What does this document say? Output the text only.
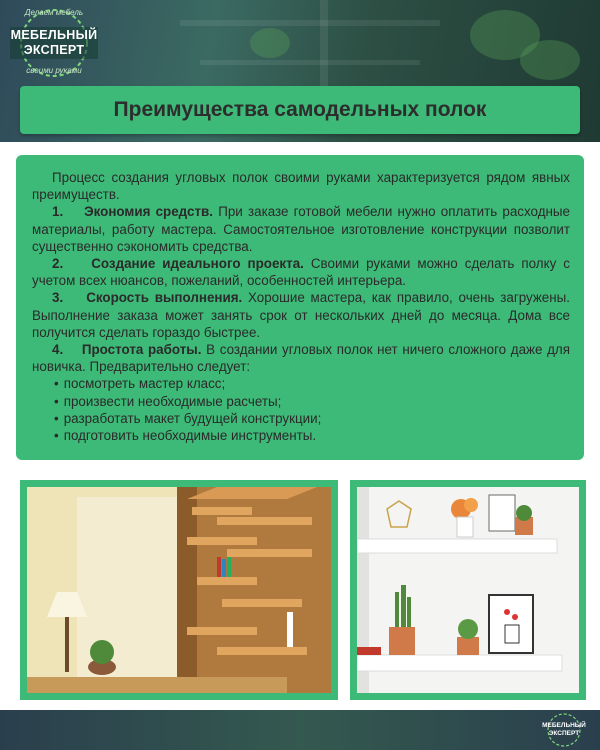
Делаем мебель
МЕБЕЛЬНЫЙ
ЭКСПЕРТ
своими руками
Преимущества самодельных полок

Процесс создания угловых полок своими руками характеризуется рядом явных преимуществ.

1. Экономия средств. При заказе готовой мебели нужно оплатить расходные материалы, работу мастера. Самостоятельное изготовление конструкции позволит существенно сэкономить средства.

2. Создание идеального проекта. Своими руками можно сделать полку с учетом всех нюансов, пожеланий, особенностей интерьера.

3. Скорость выполнения. Хорошие мастера, как правило, очень загружены. Выполнение заказа может занять срок от нескольких дней до месяца. Дома все получится сделать гораздо быстрее.

4. Простота работы. В создании угловых полок нет ничего сложного даже для новичка. Предварительно следует:

• посмотреть мастер класс;
• произвести необходимые расчеты;
• разработать макет будущей конструкции;
• подготовить необходимые инструменты.
МЕБЕЛЬНЫЙ
ЭКСПЕРТ
